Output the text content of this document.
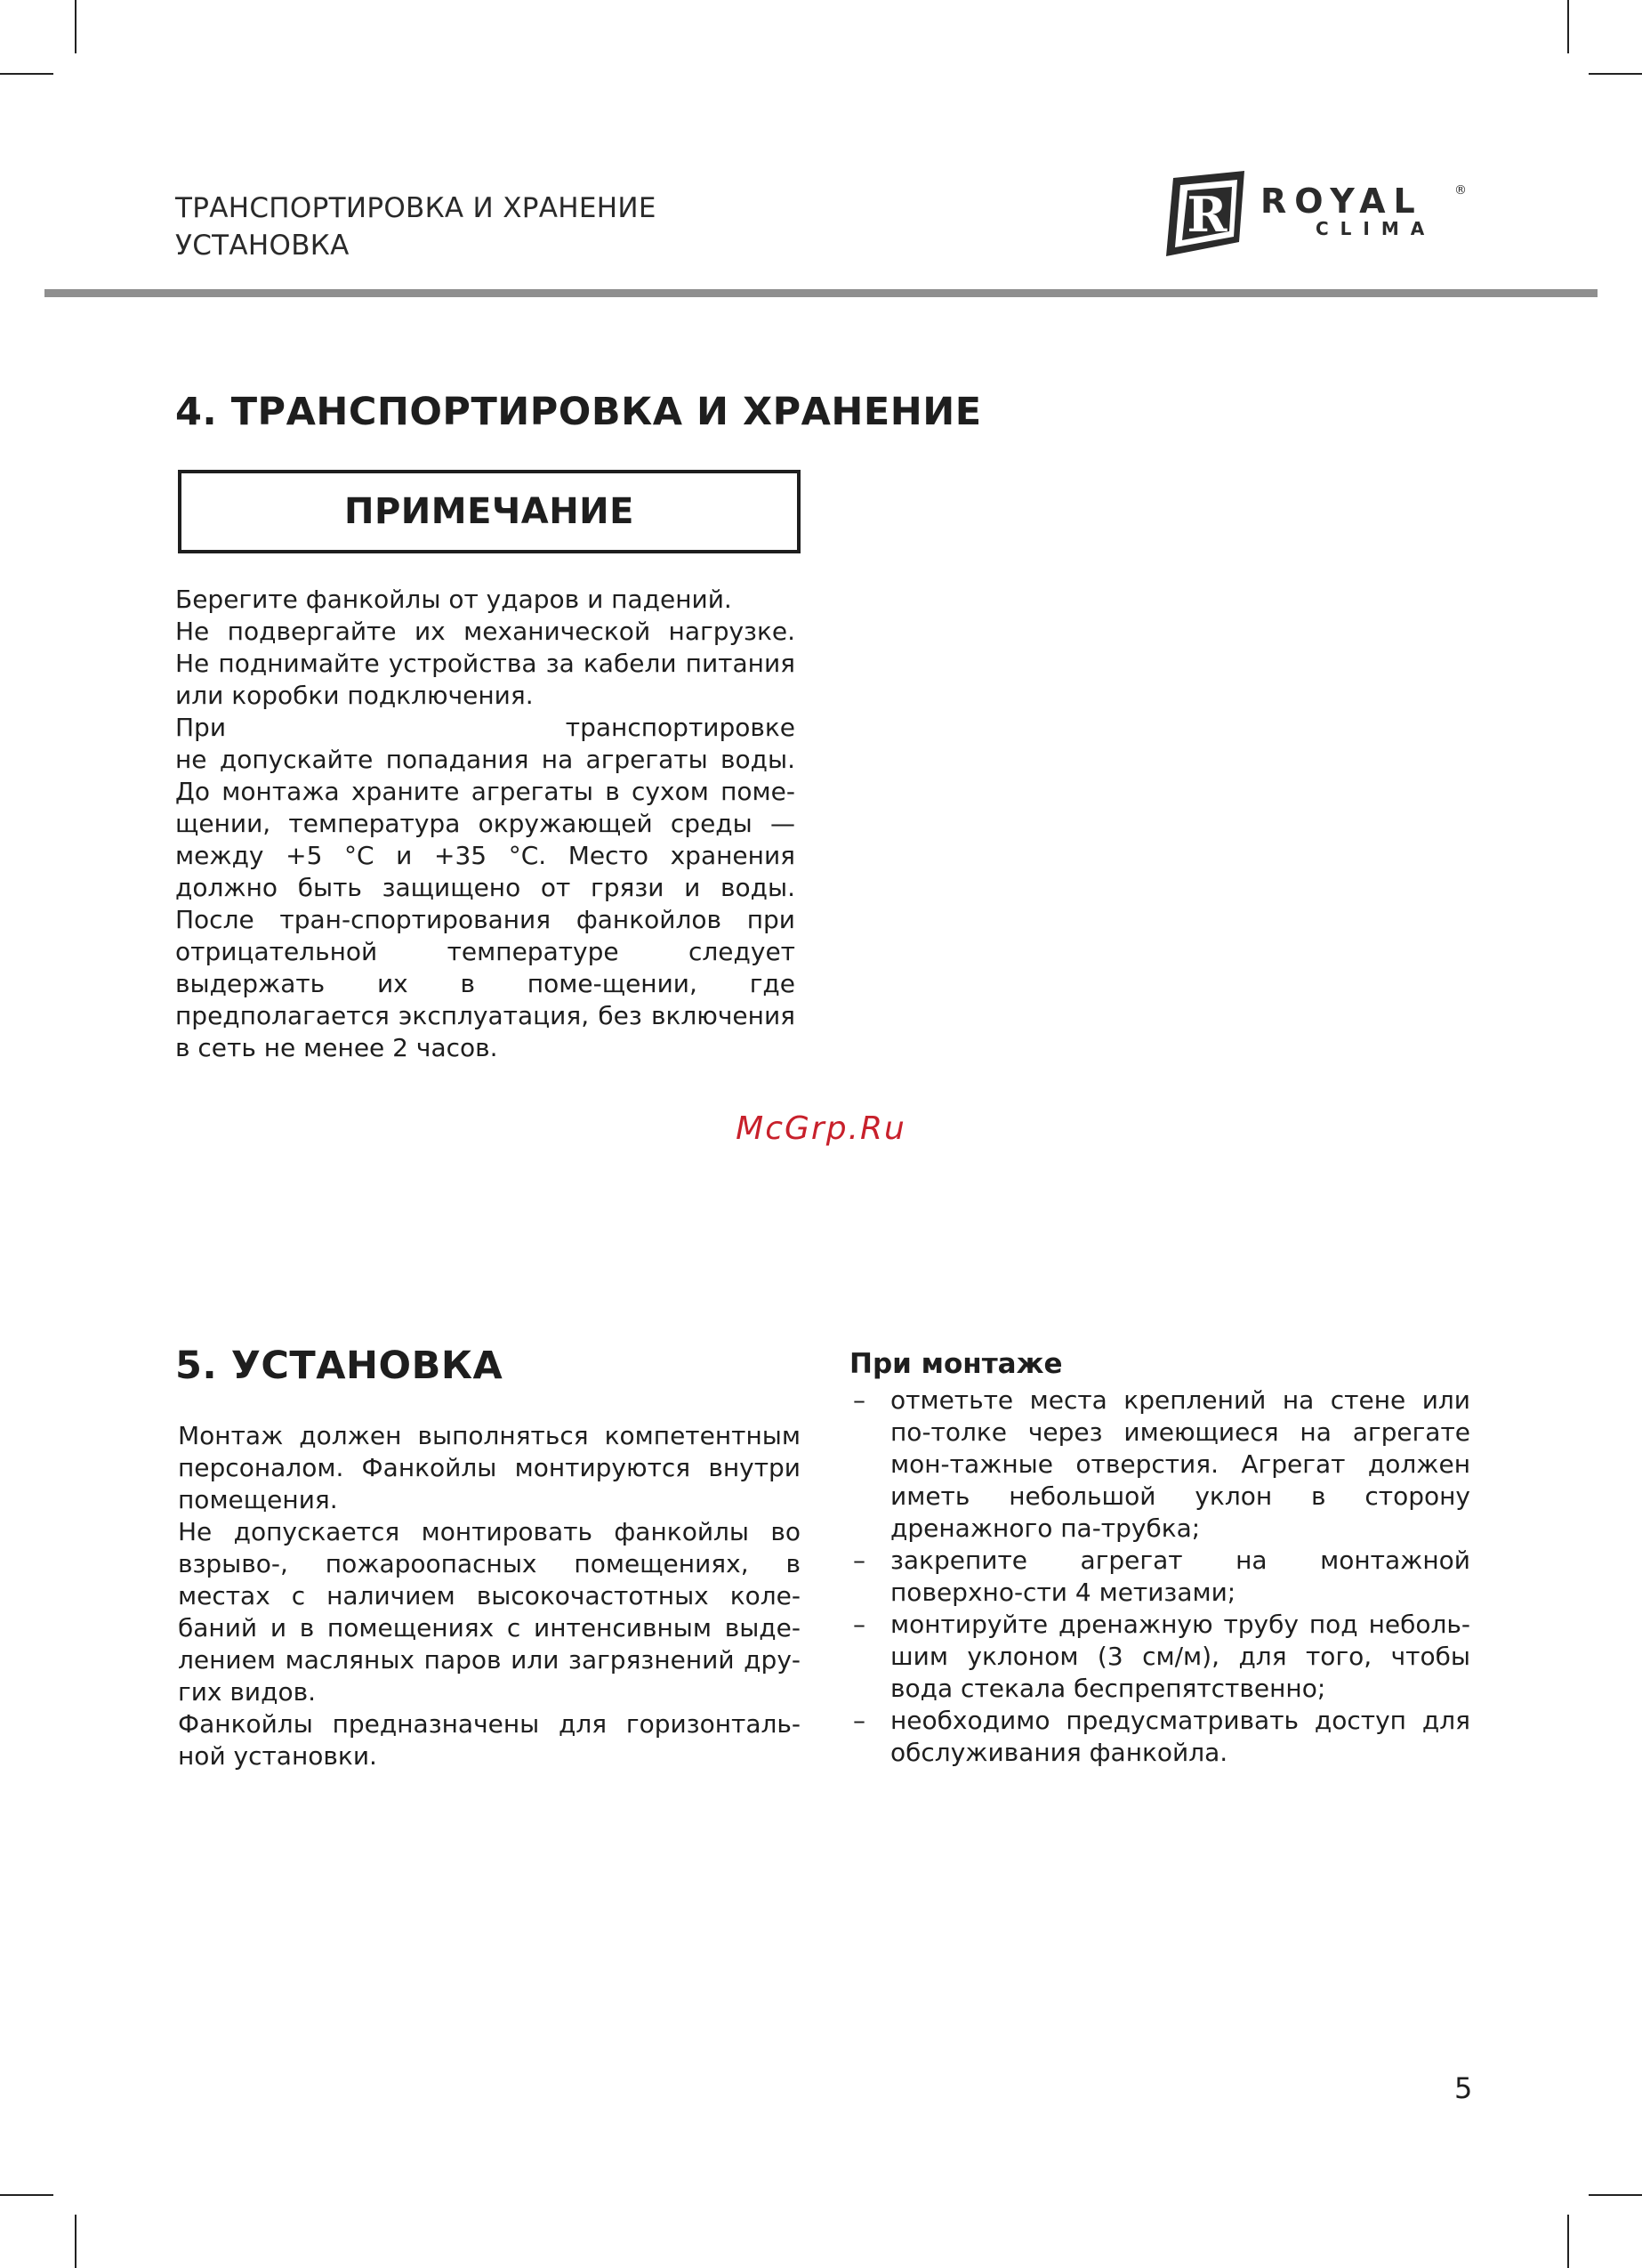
ТРАНСПОРТИРОВКА И ХРАНЕНИЕ
УСТАНОВКА
R ROYAL	®
CLIMA
4. ТРАНСПОРТИРОВКА И ХРАНЕНИЕ
ПРИМЕЧАНИЕ

Берегите фанкойлы от ударов и падений.

Не подвергайте их механической нагрузке. Не поднимайте устройства за кабели питания или коробки подключения.

При транспортировке

не допускайте попадания на агрегаты воды. До монтажа храните агрегаты в сухом поме-щении, температура окружающей среды — между +5 °С и +35 °С. Место хранения должно быть защищено от грязи и воды. После тран-спортирования фанкойлов при отрицательной температуре следует выдержать их в поме-щении, где предполагается эксплуатация, без включения в сеть не менее 2 часов.

McGrp.Ru
5. УСТАНОВКА

Монтаж должен выполняться компетентным персоналом. Фанкойлы монтируются внутри помещения.

Не допускается монтировать фанкойлы во взрыво-, пожароопасных помещениях, в местах с наличием высокочастотных коле-баний и в помещениях с интенсивным выде-лением масляных паров или загрязнений дру-гих видов.

Фанкойлы предназначены для горизонталь-ной установки.

При монтаже
– отметьте места креплений на стене или по-толке через имеющиеся на агрегате мон-тажные отверстия. Агрегат должен иметь небольшой уклон в сторону дренажного па-трубка;
– закрепите агрегат на монтажной поверхно-сти 4 метизами;
– монтируйте дренажную трубу под неболь-шим уклоном (3 см/м), для того, чтобы вода стекала беспрепятственно;
– необходимо предусматривать доступ для обслуживания фанкойла.
5
